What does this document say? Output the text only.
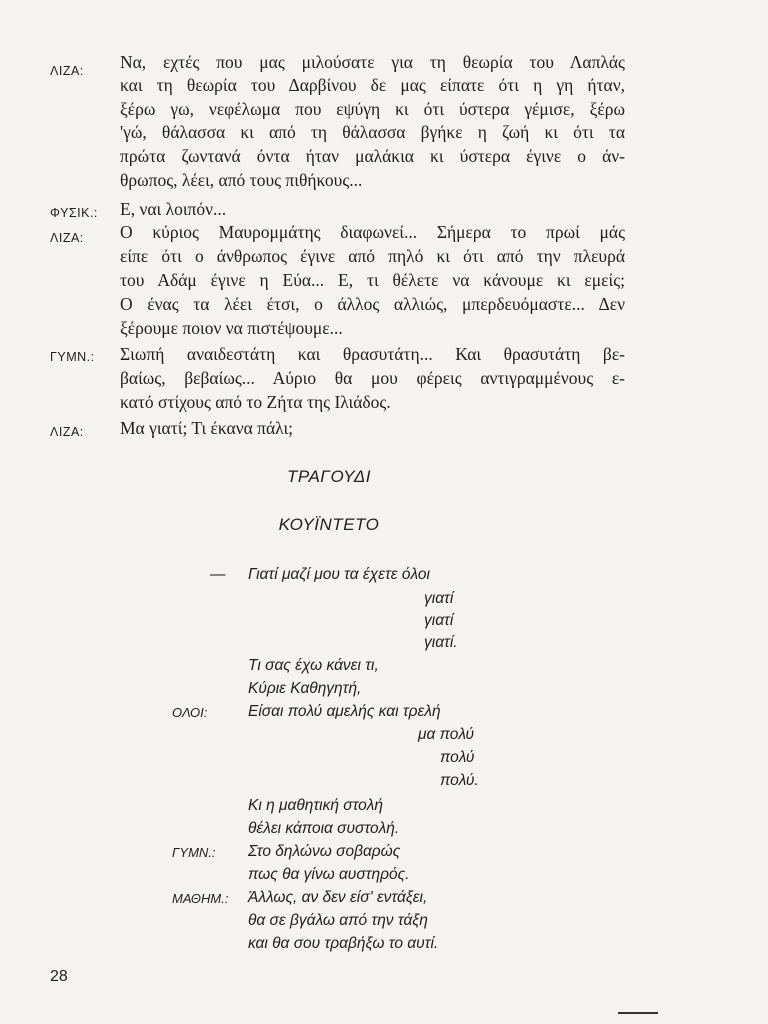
ΛΙΖΑ: Να, εχτές που μας μιλούσατε για τη θεωρία του Λαπλάς
και τη θεωρία του Δαρβίνου δε μας είπατε ότι η γη ήταν,
ξέρω γω, νεφέλωμα που εψύγη κι ότι ύστερα γέμισε, ξέρω
'γώ, θάλασσα κι από τη θάλασσα βγήκε η ζωή κι ότι τα
πρώτα ζωντανά όντα ήταν μαλάκια κι ύστερα έγινε ο άν-
θρωπος, λέει, από τους πιθήκους...
ΦΥΣΙΚ.: Ε, ναι λοιπόν...
ΛΙΖΑ: Ο κύριος Μαυρομμάτης διαφωνεί... Σήμερα το πρωί μάς
είπε ότι ο άνθρωπος έγινε από πηλό κι ότι από την πλευρά
του Αδάμ έγινε η Εύα... Ε, τι θέλετε να κάνουμε κι εμείς;
Ο ένας τα λέει έτσι, ο άλλος αλλιώς, μπερδευόμαστε... Δεν
ξέρουμε ποιον να πιστέψουμε...
ΓΥΜΝ.: Σιωπή αναιδεστάτη και θρασυτάτη... Και θρασυτάτη βε-
βαίως, βεβαίως... Αύριο θα μου φέρεις αντιγραμμένους ε-
κατό στίχους από το Ζήτα της Ιλιάδος.
ΛΙΖΑ: Μα γιατί; Τι έκανα πάλι;
ΤΡΑΓΟΥΔΙ
ΚΟΥΪΝΤΕΤΟ
— Γιατί μαζί μου τα έχετε όλοι
γιατί
γιατί
γιατί.
Τι σας έχω κάνει τι,
Κύριε Καθηγητή,
ΟΛΟΙ:	Είσαι πολύ αμελής και τρελή
μα πολύ
πολύ
πολύ.
Κι η μαθητική στολή
θέλει κάποια συστολή.
ΓΥΜΝ.: Στο δηλώνω σοβαρώς
πως θα γίνω αυστηρός.
ΜΑΘΗΜ.: Άλλως, αν δεν είσ' εντάξει,
θα σε βγάλω από την τάξη
και θα σου τραβήξω το αυτί.
28
